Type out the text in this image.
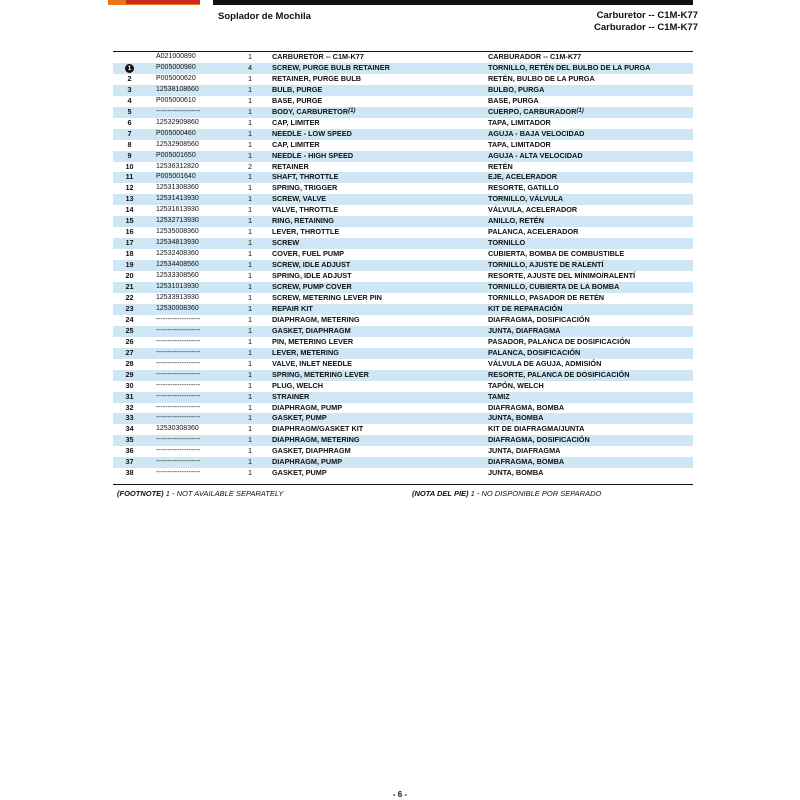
Soplador de Mochila	Carburetor -- C1M-K77
Carburador -- C1M-K77
	A021000890	1	CARBURETOR -- C1M-K77	CARBURADOR -- C1M-K77
1	P005000980	4	SCREW, PURGE BULB RETAINER	TORNILLO, RETÉN DEL BULBO DE LA PURGA
2	P005000620	1	RETAINER, PURGE BULB	RETÉN, BULBO DE LA PURGA
3	12538108660	1	BULB, PURGE	BULBO, PURGA
4	P005000610	1	BASE, PURGE	BASE, PURGA
5	-------------------	1	BODY, CARBURETOR$^{(1)}$	CUERPO, CARBURADOR$^{(1)}$
6	12532909860	1	CAP, LIMITER	TAPA, LIMITADOR
7	P005000460	1	NEEDLE - LOW SPEED	AGUJA - BAJA VELOCIDAD
8	12532908560	1	CAP, LIMITER	TAPA, LIMITADOR
9	P005001650	1	NEEDLE - HIGH SPEED	AGUJA - ALTA VELOCIDAD
10	12536312820	2	RETAINER	RETÉN
11	P005001640	1	SHAFT, THROTTLE	EJE, ACELERADOR
12	12531308360	1	SPRING, TRIGGER	RESORTE, GATILLO
13	12531413930	1	SCREW, VALVE	TORNILLO, VÁLVULA
14	12531613930	1	VALVE, THROTTLE	VÁLVULA, ACELERADOR
15	12532713930	1	RING, RETAINING	ANILLO, RETÉN
16	12535008360	1	LEVER, THROTTLE	PALANCA, ACELERADOR
17	12534813930	1	SCREW	TORNILLO
18	12532408360	1	COVER, FUEL PUMP	CUBIERTA, BOMBA DE COMBUSTIBLE
19	12534408560	1	SCREW, IDLE ADJUST	TORNILLO, AJUSTE DE RALENTÍ
20	12533308560	1	SPRING, IDLE ADJUST	RESORTE, AJUSTE DEL MÍNIMO/RALENTÍ
21	12531013930	1	SCREW, PUMP COVER	TORNILLO, CUBIERTA DE LA BOMBA
22	12533913930	1	SCREW, METERING LEVER PIN	TORNILLO, PASADOR DE RETÉN
23	12530008360	1	REPAIR KIT	KIT DE REPARACIÓN
24	-------------------	1	DIAPHRAGM, METERING	DIAFRAGMA, DOSIFICACIÓN
25	-------------------	1	GASKET, DIAPHRAGM	JUNTA, DIAFRAGMA
26	-------------------	1	PIN, METERING LEVER	PASADOR, PALANCA DE DOSIFICACIÓN
27	-------------------	1	LEVER, METERING	PALANCA, DOSIFICACIÓN
28	-------------------	1	VALVE, INLET NEEDLE	VÁLVULA DE AGUJA, ADMISIÓN
29	-------------------	1	SPRING, METERING LEVER	RESORTE, PALANCA DE DOSIFICACIÓN
30	-------------------	1	PLUG, WELCH	TAPÓN, WELCH
31	-------------------	1	STRAINER	TAMIZ
32	-------------------	1	DIAPHRAGM, PUMP	DIAFRAGMA, BOMBA
33	-------------------	1	GASKET, PUMP	JUNTA, BOMBA
34	12530308360	1	DIAPHRAGM/GASKET KIT	KIT DE DIAFRAGMA/JUNTA
35	-------------------	1	DIAPHRAGM, METERING	DIAFRAGMA, DOSIFICACIÓN
36	-------------------	1	GASKET, DIAPHRAGM	JUNTA, DIAFRAGMA
37	-------------------	1	DIAPHRAGM, PUMP	DIAFRAGMA, BOMBA
38	-------------------	1	GASKET, PUMP	JUNTA, BOMBA
(FOOTNOTE) 1 - NOT AVAILABLE SEPARATELY	(NOTA DEL PIE) 1 - NO DISPONIBLE POR SEPARADO
- 6 -
